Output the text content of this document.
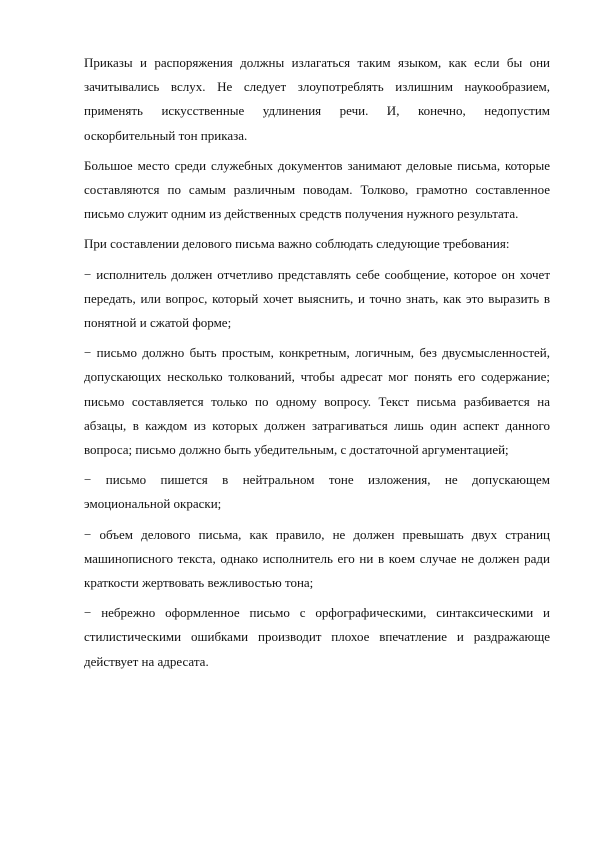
Приказы и распоряжения должны излагаться таким языком, как если бы они зачитывались вслух. Не следует злоупотреблять излишним наукообразием, применять искусственные удлинения речи. И, конечно, недопустим оскорбительный тон приказа.

Большое место среди служебных документов занимают деловые письма, которые составляются по самым различным поводам. Толково, грамотно составленное письмо служит одним из действенных средств получения нужного результата.

При составлении делового письма важно соблюдать следующие требования:

− исполнитель должен отчетливо представлять себе сообщение, которое он хочет передать, или вопрос, который хочет выяснить, и точно знать, как это выразить в понятной и сжатой форме;

− письмо должно быть простым, конкретным, логичным, без двусмысленностей, допускающих несколько толкований, чтобы адресат мог понять его содержание; письмо составляется только по одному вопросу. Текст письма разбивается на абзацы, в каждом из которых должен затрагиваться лишь один аспект данного вопроса; письмо должно быть убедительным, с достаточной аргументацией;

− письмо пишется в нейтральном тоне изложения, не допускающем эмоциональной окраски;

− объем делового письма, как правило, не должен превышать двух страниц машинописного текста, однако исполнитель его ни в коем случае не должен ради краткости жертвовать вежливостью тона;

− небрежно оформленное письмо с орфографическими, синтаксическими и стилистическими ошибками производит плохое впечатление и раздражающе действует на адресата.
